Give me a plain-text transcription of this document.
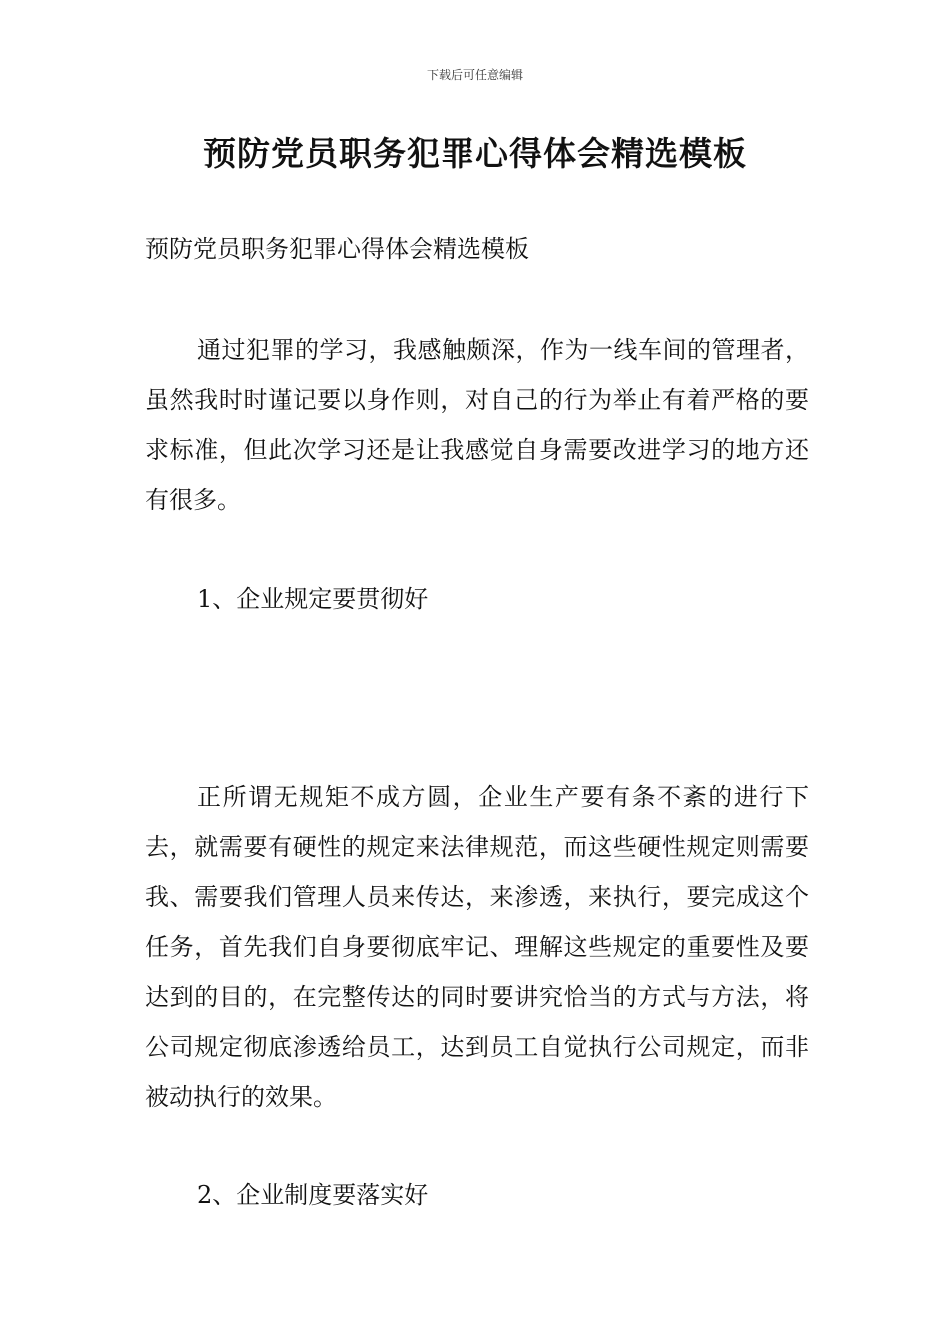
下载后可任意编辑
预防党员职务犯罪心得体会精选模板
预防党员职务犯罪心得体会精选模板

通过犯罪的学习，我感触颇深，作为一线车间的管理者，虽然我时时谨记要以身作则，对自己的行为举止有着严格的要求标准，但此次学习还是让我感觉自身需要改进学习的地方还有很多。

1、企业规定要贯彻好

正所谓无规矩不成方圆，企业生产要有条不紊的进行下去，就需要有硬性的规定来法律规范，而这些硬性规定则需要我、需要我们管理人员来传达，来渗透，来执行，要完成这个任务，首先我们自身要彻底牢记、理解这些规定的重要性及要达到的目的，在完整传达的同时要讲究恰当的方式与方法，将公司规定彻底渗透给员工，达到员工自觉执行公司规定，而非被动执行的效果。

2、企业制度要落实好
